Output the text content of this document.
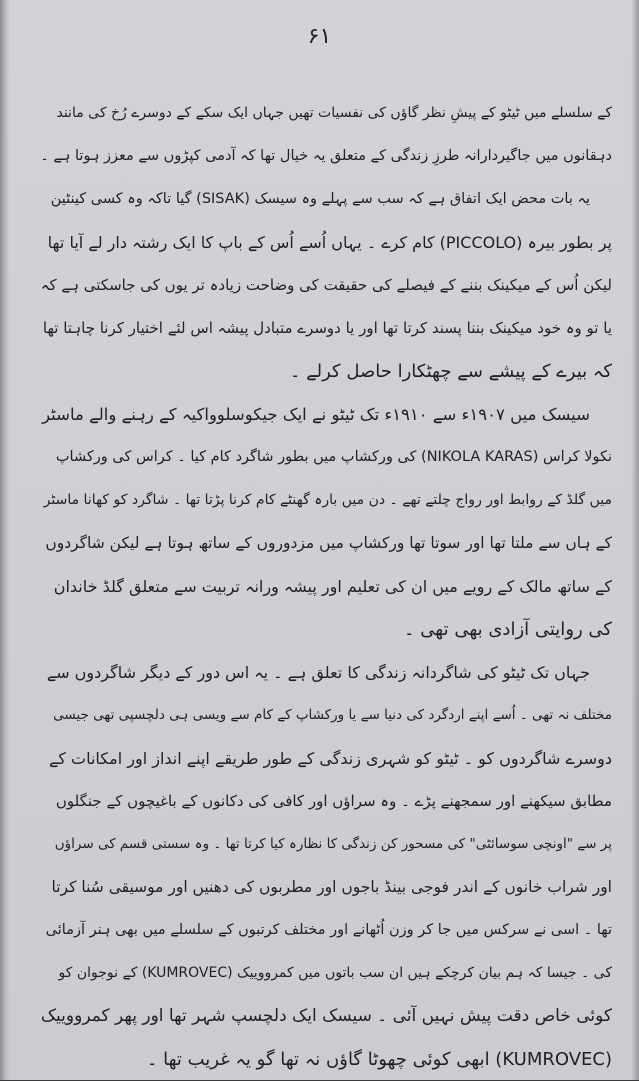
۶۱
کے سلسلے میں ٹیٹو کے پیشِ نظر گاؤں کی نفسیات تھیں جہاں ایک سکے کے دوسرے رُخ کی مانند
دہقانوں میں جاگیردارانہ طرزِ زندگی کے متعلق یہ خیال تھا کہ آدمی کپڑوں سے معزز ہوتا ہے ۔
یہ بات محض ایک اتفاق ہے کہ سب سے پہلے وہ سیسک (SISAK) گیا تاکہ وہ کسی کینٹین
پر بطور بیرہ (PICCOLO) کام کرے ۔ یہاں اُسے اُس کے باپ کا ایک رشتہ دار لے آیا تھا
لیکن اُس کے میکینک بننے کے فیصلے کی حقیقت کی وضاحت زیادہ تر یوں کی جاسکتی ہے کہ
یا تو وہ خود میکینک بننا پسند کرتا تھا اور یا دوسرے متبادل پیشہ اس لئے اختیار کرنا چاہتا تھا
کہ بیرے کے پیشے سے چھٹکارا حاصل کرلے ۔
سیسک میں ۱۹۰۷ء سے ۱۹۱۰ء تک ٹیٹو نے ایک جیکوسلوواکیہ کے رہنے والے ماسٹر
نکولا کراس (NIKOLA KARAS) کی ورکشاپ میں بطور شاگرد کام کیا ۔ کراس کی ورکشاپ
میں گلڈ کے روابط اور رواج چلتے تھے ۔ دن میں بارہ گھنٹے کام کرنا پڑتا تھا ۔ شاگرد کو کھانا ماسٹر
کے ہاں سے ملتا تھا اور سوتا تھا ورکشاپ میں مزدوروں کے ساتھ ہوتا ہے لیکن شاگردوں
کے ساتھ مالک کے رویے میں ان کی تعلیم اور پیشہ ورانہ تربیت سے متعلق گلڈ خاندان
کی روایتی آزادی بھی تھی ۔
جہاں تک ٹیٹو کی شاگردانہ زندگی کا تعلق ہے ۔ یہ اس دور کے دیگر شاگردوں سے
مختلف نہ تھی ۔ اُسے اپنے اردگرد کی دنیا سے یا ورکشاپ کے کام سے ویسی ہی دلچسپی تھی جیسی
دوسرے شاگردوں کو ۔ ٹیٹو کو شہری زندگی کے طور طریقے اپنے انداز اور امکانات کے
مطابق سیکھنے اور سمجھنے پڑے ۔ وہ سراؤں اور کافی کی دکانوں کے باغیچوں کے جنگلوں
پر سے "اونچی سوسائٹی" کی مسحور کن زندگی کا نظارہ کیا کرتا تھا ۔ وہ سستی قسم کی سراؤں
اور شراب خانوں کے اندر فوجی بینڈ باجوں اور مطربوں کی دھنیں اور موسیقی سُنا کرتا
تھا ۔ اسی نے سرکس میں جا کر وزن اُٹھانے اور مختلف کرتبوں کے سلسلے میں بھی ہنر آزمائی
کی ۔ جیسا کہ ہم بیان کرچکے ہیں ان سب باتوں میں کمرووییک (KUMROVEC) کے نوجوان کو
کوئی خاص دقت پیش نہیں آئی ۔ سیسک ایک دلچسپ شہر تھا اور پھر کمرووییک
(KUMROVEC) ابھی کوئی چھوٹا گاؤں نہ تھا گو یہ غریب تھا ۔
